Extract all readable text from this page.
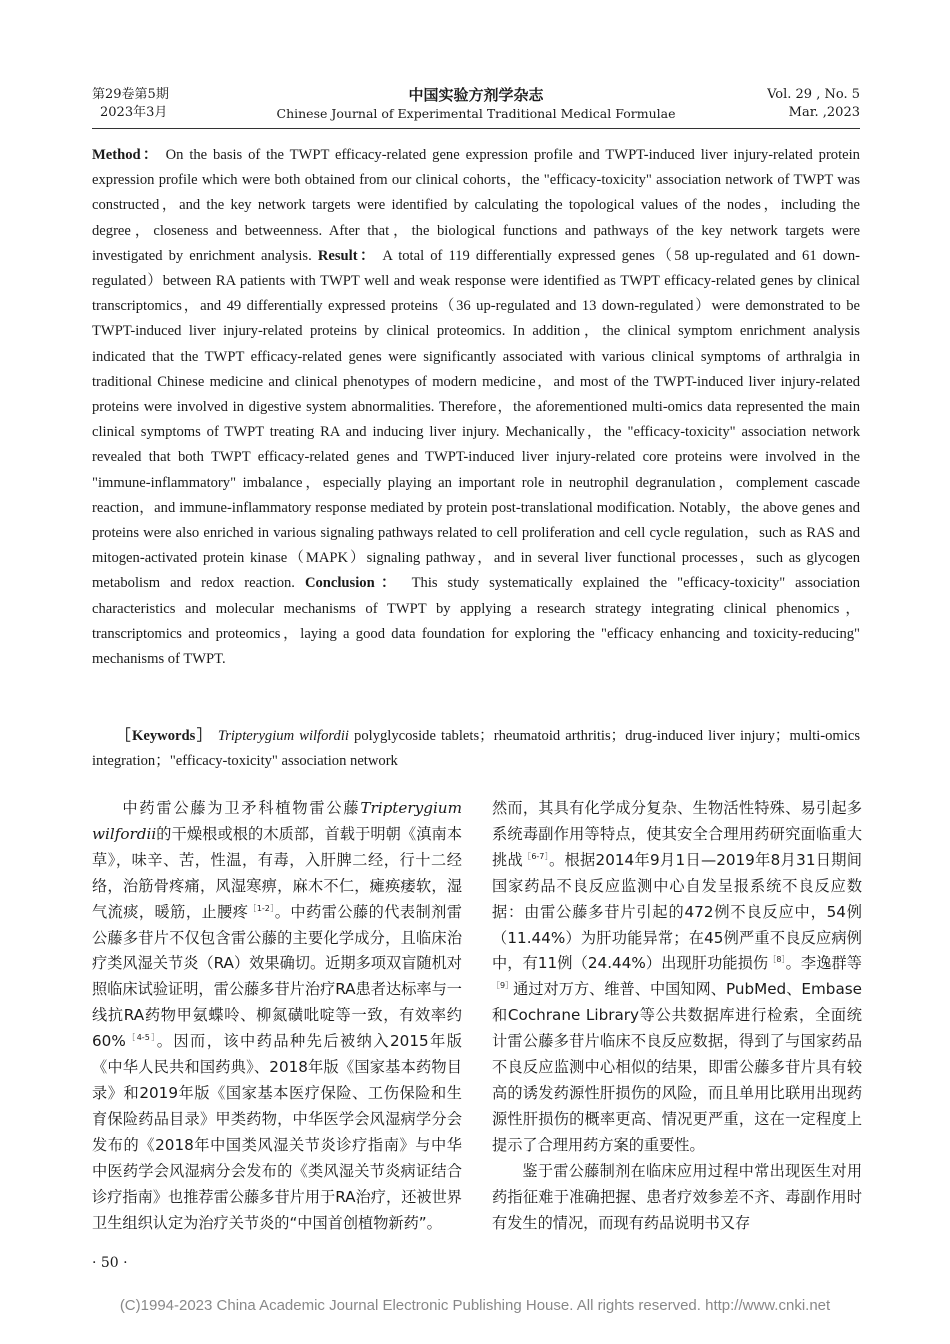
第29卷第5期
2023年3月
中国实验方剂学杂志
Chinese Journal of Experimental Traditional Medical Formulae
Vol. 29 , No. 5
Mar. ,2023

Method： On the basis of the TWPT efficacy-related gene expression profile and TWPT-induced liver injury-related protein expression profile which were both obtained from our clinical cohorts，the "efficacy-toxicity" association network of TWPT was constructed，and the key network targets were identified by calculating the topological values of the nodes，including the degree，closeness and betweenness. After that，the biological functions and pathways of the key network targets were investigated by enrichment analysis. Result： A total of 119 differentially expressed genes（58 up-regulated and 61 down-regulated）between RA patients with TWPT well and weak response were identified as TWPT efficacy-related genes by clinical transcriptomics，and 49 differentially expressed proteins（36 up-regulated and 13 down-regulated）were demonstrated to be TWPT-induced liver injury-related proteins by clinical proteomics. In addition，the clinical symptom enrichment analysis indicated that the TWPT efficacy-related genes were significantly associated with various clinical symptoms of arthralgia in traditional Chinese medicine and clinical phenotypes of modern medicine，and most of the TWPT-induced liver injury-related proteins were involved in digestive system abnormalities. Therefore，the aforementioned multi-omics data represented the main clinical symptoms of TWPT treating RA and inducing liver injury. Mechanically，the "efficacy-toxicity" association network revealed that both TWPT efficacy-related genes and TWPT-induced liver injury-related core proteins were involved in the "immune-inflammatory" imbalance，especially playing an important role in neutrophil degranulation，complement cascade reaction，and immune-inflammatory response mediated by protein post-translational modification. Notably，the above genes and proteins were also enriched in various signaling pathways related to cell proliferation and cell cycle regulation，such as RAS and mitogen-activated protein kinase（MAPK）signaling pathway，and in several liver functional processes，such as glycogen metabolism and redox reaction. Conclusion： This study systematically explained the "efficacy-toxicity" association characteristics and molecular mechanisms of TWPT by applying a research strategy integrating clinical phenomics，transcriptomics and proteomics，laying a good data foundation for exploring the "efficacy enhancing and toxicity-reducing" mechanisms of TWPT.

［Keywords］ Tripterygium wilfordii polyglycoside tablets；rheumatoid arthritis；drug-induced liver injury；multi-omics integration；"efficacy-toxicity" association network

中药雷公藤为卫矛科植物雷公藤Tripterygium wilfordii的干燥根或根的木质部，首载于明朝《滇南本草》，味辛、苦，性温，有毒，入肝脾二经，行十二经络，治筋骨疼痛，风湿寒痹，麻木不仁，瘫痪痿软，湿气流痰，暖筋，止腰疼$^{[1-2]}$。中药雷公藤的代表制剂雷公藤多苷片不仅包含雷公藤的主要化学成分，且临床治疗类风湿关节炎（RA）效果确切。近期多项双盲随机对照临床试验证明，雷公藤多苷片治疗RA患者达标率与一线抗RA药物甲氨蝶呤、柳氮磺吡啶等一致，有效率约60%$^{[4-5]}$。因而，该中药品种先后被纳入2015年版《中华人民共和国药典》、2018年版《国家基本药物目录》和2019年版《国家基本医疗保险、工伤保险和生育保险药品目录》甲类药物，中华医学会风湿病学分会发布的《2018年中国类风湿关节炎诊疗指南》与中华中医药学会风湿病分会发布的《类风湿关节炎病证结合诊疗指南》也推荐雷公藤多苷片用于RA治疗，还被世界卫生组织认定为治疗关节炎的“中国首创植物新药”。

然而，其具有化学成分复杂、生物活性特殊、易引起多系统毒副作用等特点，使其安全合理用药研究面临重大挑战$^{[6-7]}$。根据2014年9月1日—2019年8月31日期间国家药品不良反应监测中心自发呈报系统不良反应数据：由雷公藤多苷片引起的472例不良反应中，54例（11.44%）为肝功能异常；在45例严重不良反应病例中，有11例（24.44%）出现肝功能损伤$^{[8]}$。李逸群等$^{[9]}$通过对万方、维普、中国知网、PubMed、Embase和Cochrane Library等公共数据库进行检索，全面统计雷公藤多苷片临床不良反应数据，得到了与国家药品不良反应监测中心相似的结果，即雷公藤多苷片具有较高的诱发药源性肝损伤的风险，而且单用比联用出现药源性肝损伤的概率更高、情况更严重，这在一定程度上提示了合理用药方案的重要性。

鉴于雷公藤制剂在临床应用过程中常出现医生对用药指征难于准确把握、患者疗效参差不齐、毒副作用时有发生的情况，而现有药品说明书又存

· 50 ·
(C)1994-2023 China Academic Journal Electronic Publishing House. All rights reserved. http://www.cnki.net
